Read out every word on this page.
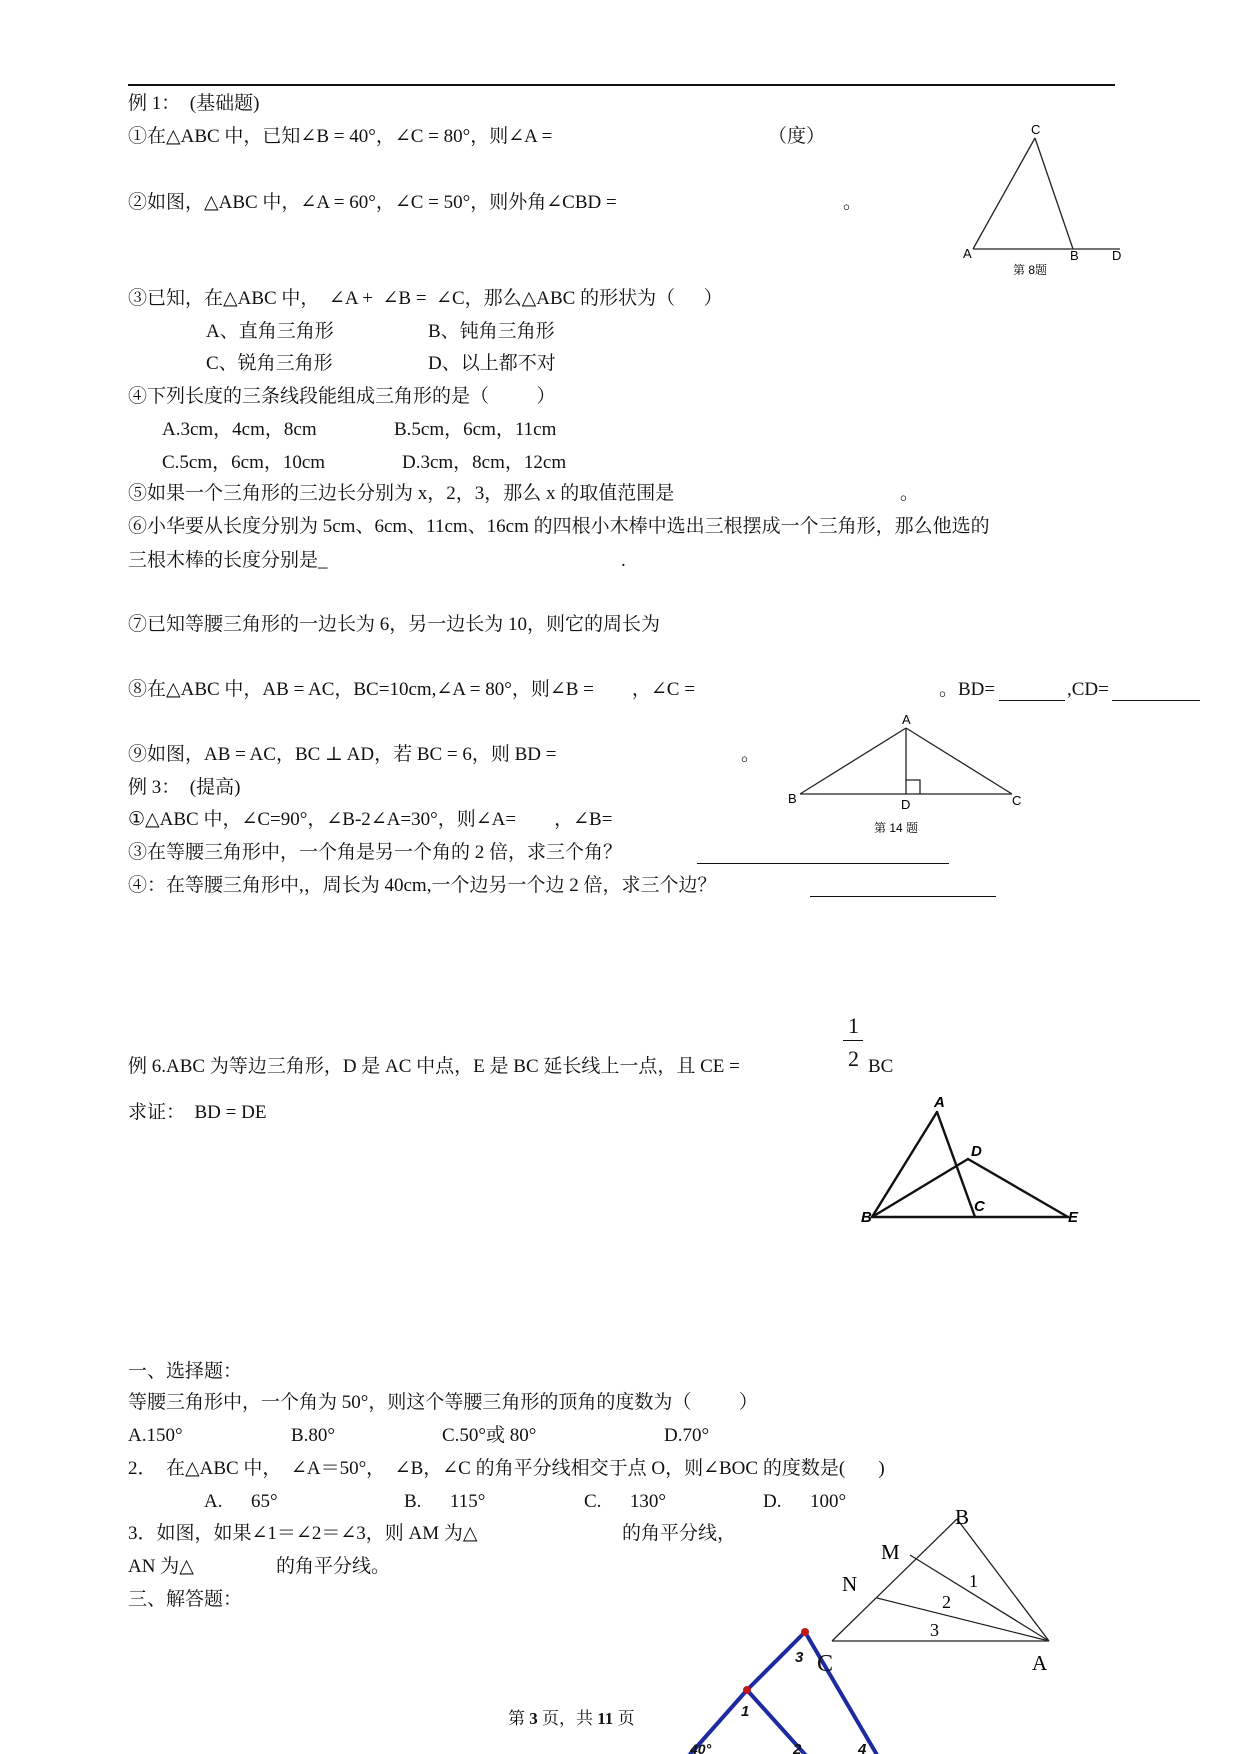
例 1：  (基础题)
①在△ABC 中，已知∠B = 40°，∠C = 80°，则∠A =	（度）
②如图，△ABC 中，∠A = 60°，∠C = 50°，则外角∠CBD =	。
C
A	B	D
第 8题
③已知，在△ABC 中，  ∠A +  ∠B =  ∠C，那么△ABC 的形状为（      ）
A、直角三角形	B、钝角三角形
C、锐角三角形	D、以上都不对
④下列长度的三条线段能组成三角形的是（          ）
A.3cm，4cm，8cm	B.5cm，6cm，11cm
C.5cm，6cm，10cm	D.3cm，8cm，12cm
⑤如果一个三角形的三边长分别为 x，2，3，那么 x 的取值范围是	。
⑥小华要从长度分别为 5cm、6cm、11cm、16cm 的四根小木棒中选出三根摆成一个三角形，那么他选的
三根木棒的长度分别是_	.
⑦已知等腰三角形的一边长为 6，另一边长为 10，则它的周长为
⑧在△ABC 中，AB = AC，BC=10cm,∠A = 80°，则∠B =        ，∠C =	。BD=	,CD=
⑨如图，AB = AC，BC ⊥ AD，若 BC = 6，则 BD =	。
A
B	D	C
第 14 题
例 3：  (提高)
①△ABC 中，∠C=90°，∠B-2∠A=30°，则∠A=        ，∠B=
③在等腰三角形中，一个角是另一个角的 2 倍，求三个角？
④：在等腰三角形中,，周长为 40cm,一个边另一个边 2 倍，求三个边？
1
2
例 6.ABC 为等边三角形，D 是 AC 中点，E 是 BC 延长线上一点，且 CE =	BC
求证：  BD = DE	A
D
B
C
E
一、选择题：
等腰三角形中，一个角为 50°，则这个等腰三角形的顶角的度数为（          ）
A.150°	B.80°	C.50°或 80°	D.70°
2．  在△ABC 中，  ∠A＝50°，  ∠B，∠C 的角平分线相交于点 O，则∠BOC 的度数是(       )
A.      65°	B.      115°	C.      130°	D.      100°
3．如图，如果∠1＝∠2＝∠3，则 AM 为△	的角平分线，
AN 为△	的角平分线。
B
M
N	1
2
3
A
三、解答题：
3 C
1
40°	2	4
第 3 页，共 11 页
